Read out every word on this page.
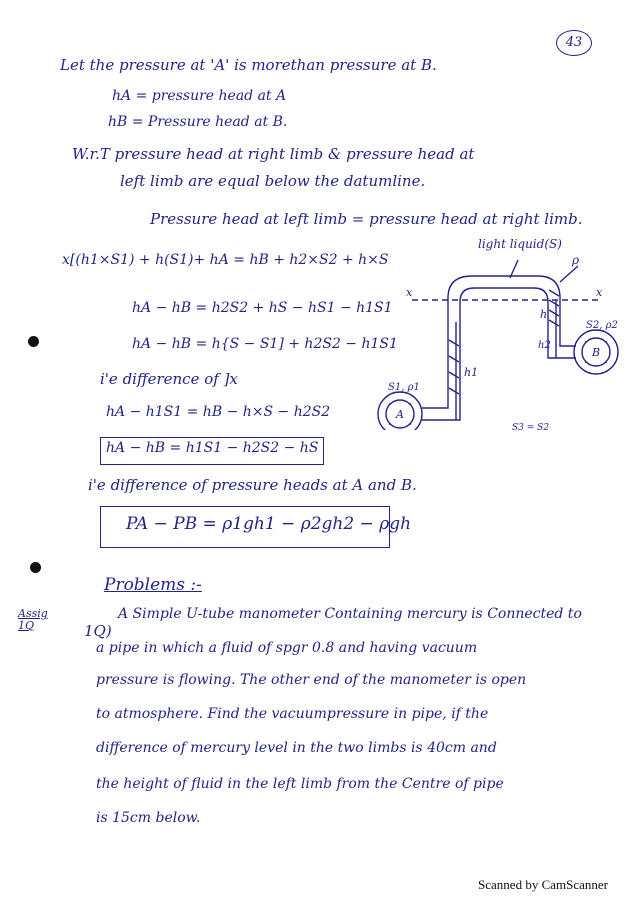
43
Let the pressure at 'A' is morethan pressure at B.
hA = pressure head at A
hB = Pressure head at B.
W.r.T pressure head at right limb & pressure head at
left limb are equal below the datumline.
Pressure head at left limb = pressure head at right limb.
x[(h1×S1) + h(S1)+ hA = hB + h2×S2 + h×S
hA − hB = h2S2 + hS − hS1 − h1S1
hA − hB = h{S − S1] + h2S2 − h1S1
i'e difference of ]x
hA − h1S1 = hB − h×S − h2S2
hA − hB = h1S1 − h2S2 − hS
i'e difference of pressure heads at A and B.
PA − PB = ρ1gh1 − ρ2gh2 − ρgh
light liquid(S)
ρ
x	x
h
h1
h2
S1, ρ1
S2, ρ2
A
B
S3 = S2
Problems :-
Assig 1Q	1Q)
A Simple U-tube manometer Containing mercury is Connected to
a pipe in which a fluid of spgr 0.8 and having vacuum
pressure is flowing. The other end of the manometer is open
to atmosphere. Find the vacuumpressure in pipe, if the
difference of mercury level in the two limbs is 40cm and
the height of fluid in the left limb from the Centre of pipe
is 15cm below.
Scanned by CamScanner
